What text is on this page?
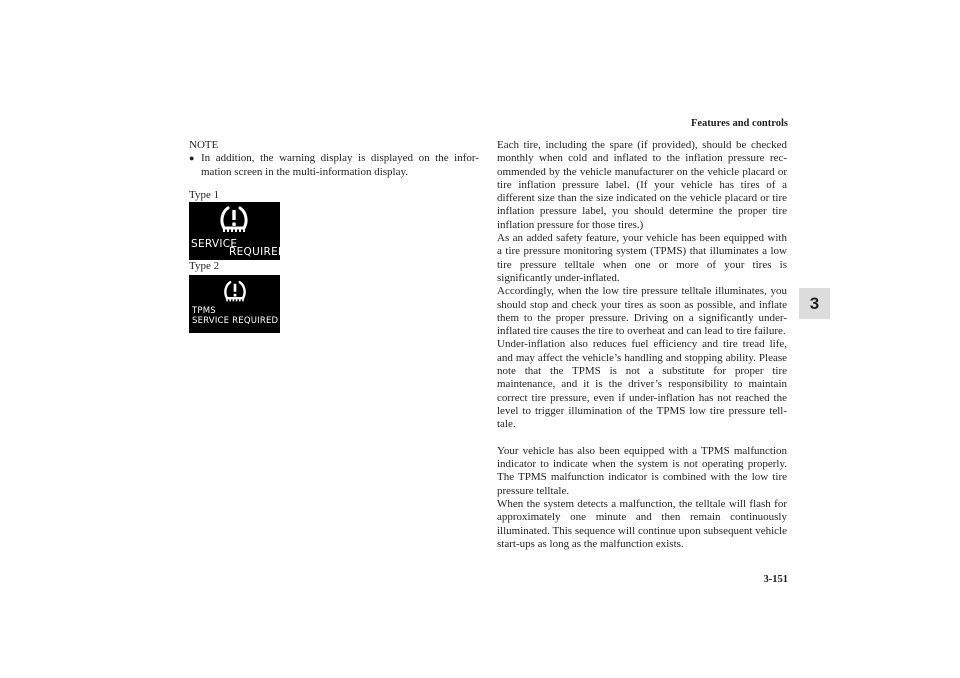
Features and controls
3

NOTE

● In addition, the warning display is displayed on the infor-mation screen in the multi-information display.

Type 1

SERVICE
REQUIRED

Type 2

TPMS
SERVICE REQUIRED

Each tire, including the spare (if provided), should be checked monthly when cold and inflated to the inflation pressure rec-ommended by the vehicle manufacturer on the vehicle placard or tire inflation pressure label. (If your vehicle has tires of a different size than the size indicated on the vehicle placard or tire inflation pressure label, you should determine the proper tire inflation pressure for those tires.)

As an added safety feature, your vehicle has been equipped with a tire pressure monitoring system (TPMS) that illuminates a low tire pressure telltale when one or more of your tires is significantly under-inflated.

Accordingly, when the low tire pressure telltale illuminates, you should stop and check your tires as soon as possible, and inflate them to the proper pressure. Driving on a significantly under-inflated tire causes the tire to overheat and can lead to tire failure.

Under-inflation also reduces fuel efficiency and tire tread life, and may affect the vehicle’s handling and stopping ability. Please note that the TPMS is not a substitute for proper tire maintenance, and it is the driver’s responsibility to maintain correct tire pressure, even if under-inflation has not reached the level to trigger illumination of the TPMS low tire pressure tell-tale.

Your vehicle has also been equipped with a TPMS malfunction indicator to indicate when the system is not operating properly. The TPMS malfunction indicator is combined with the low tire pressure telltale.

When the system detects a malfunction, the telltale will flash for approximately one minute and then remain continuously illuminated. This sequence will continue upon subsequent vehicle start-ups as long as the malfunction exists.

3-151
